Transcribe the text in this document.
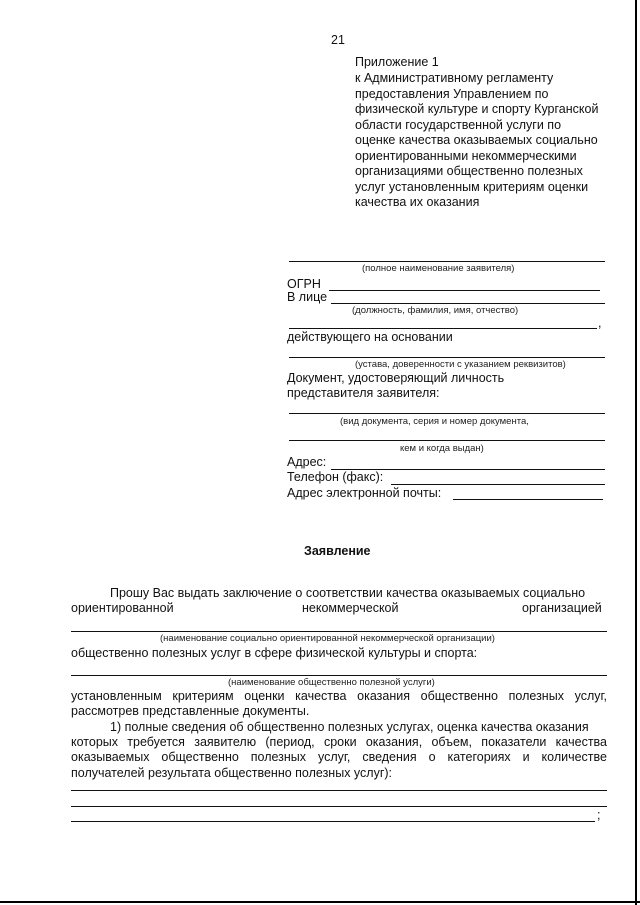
21
Приложение 1
к Административному регламенту
предоставления Управлением по
физической культуре и спорту Курганской
области государственной услуги по
оценке качества оказываемых социально
ориентированными некоммерческими
организациями общественно полезных
услуг установленным критериям оценки
качества их оказания
(полное наименование заявителя)
ОГРН
В лице
(должность, фамилия, имя, отчество)
,
действующего на основании
(устава, доверенности с указанием реквизитов)
Документ, удостоверяющий личность
представителя заявителя:
(вид документа, серия и номер документа,
кем и когда выдан)
Адрес:
Телефон (факс):
Адрес электронной почты:
Заявление
Прошу Вас выдать заключение о соответствии качества оказываемых социально
ориентированной	некоммерческой	организацией
(наименование социально ориентированной некоммерческой организации)
общественно полезных услуг в сфере физической культуры и спорта:
(наименование общественно полезной услуги)
установленным критериям оценки качества оказания общественно полезных услуг,
рассмотрев представленные документы.
1) полные сведения об общественно полезных услугах, оценка качества оказания
которых требуется заявителю (период, сроки оказания, объем, показатели качества
оказываемых общественно полезных услуг, сведения о категориях и количестве
получателей результата общественно полезных услуг):
;
